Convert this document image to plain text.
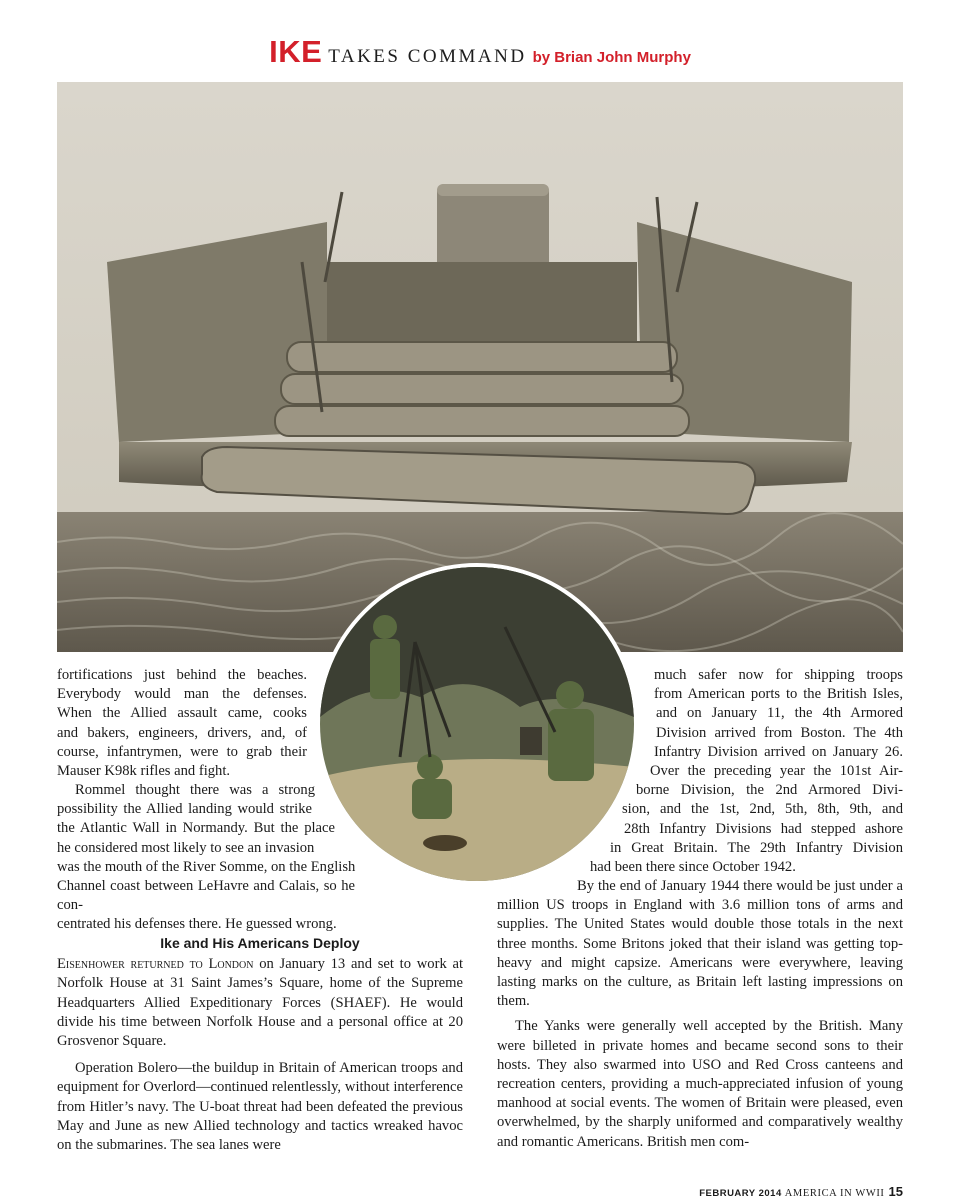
IKE TAKES COMMAND by Brian John Murphy

fortifications just behind the beaches.
Everybody would man the defenses.
When the Allied assault came, cooks
and bakers, engineers, drivers, and, of
course, infantrymen, were to grab their
Mauser K98k rifles and fight.

Rommel thought there was a strong
possibility the Allied landing would strike
the Atlantic Wall in Normandy. But the place
he considered most likely to see an invasion
was the mouth of the River Somme, on the English
Channel coast between LeHavre and Calais, so he con-
centrated his defenses there. He guessed wrong.
Ike and His Americans Deploy

Eisenhower returned to London on January 13 and set to work at Norfolk House at 31 Saint James’s Square, home of the Supreme Headquarters Allied Expeditionary Forces (SHAEF). He would divide his time between Norfolk House and a personal office at 20 Grosvenor Square.

Operation Bolero—the buildup in Britain of American troops and equipment for Overlord—continued relentlessly, without interference from Hitler’s navy. The U-boat threat had been defeated the previous May and June as new Allied technology and tactics wreaked havoc on the submarines. The sea lanes were

much safer now for shipping troops
from American ports to the British Isles,
and on January 11, the 4th Armored
Division arrived from Boston. The 4th
Infantry Division arrived on January 26.
Over the preceding year the 101st Air-
borne Division, the 2nd Armored Divi-
sion, and the 1st, 2nd, 5th, 8th, 9th, and
28th Infantry Divisions had stepped ashore
in Great Britain. The 29th Infantry Division
had been there since October 1942.

By the end of January 1944 there would be just under a million US troops in England with 3.6 million tons of arms and supplies. The United States would double those totals in the next three months. Some Britons joked that their island was getting top-heavy and might capsize. Americans were everywhere, leaving lasting marks on the culture, as Britain left lasting impressions on them.

The Yanks were generally well accepted by the British. Many were billeted in private homes and became second sons to their hosts. They also swarmed into USO and Red Cross canteens and recreation centers, providing a much-appreciated infusion of young manhood at social events. The women of Britain were pleased, even overwhelmed, by the sharply uniformed and comparatively wealthy and romantic Americans. British men com-

FEBRUARY 2014 AMERICA IN WWII 15
